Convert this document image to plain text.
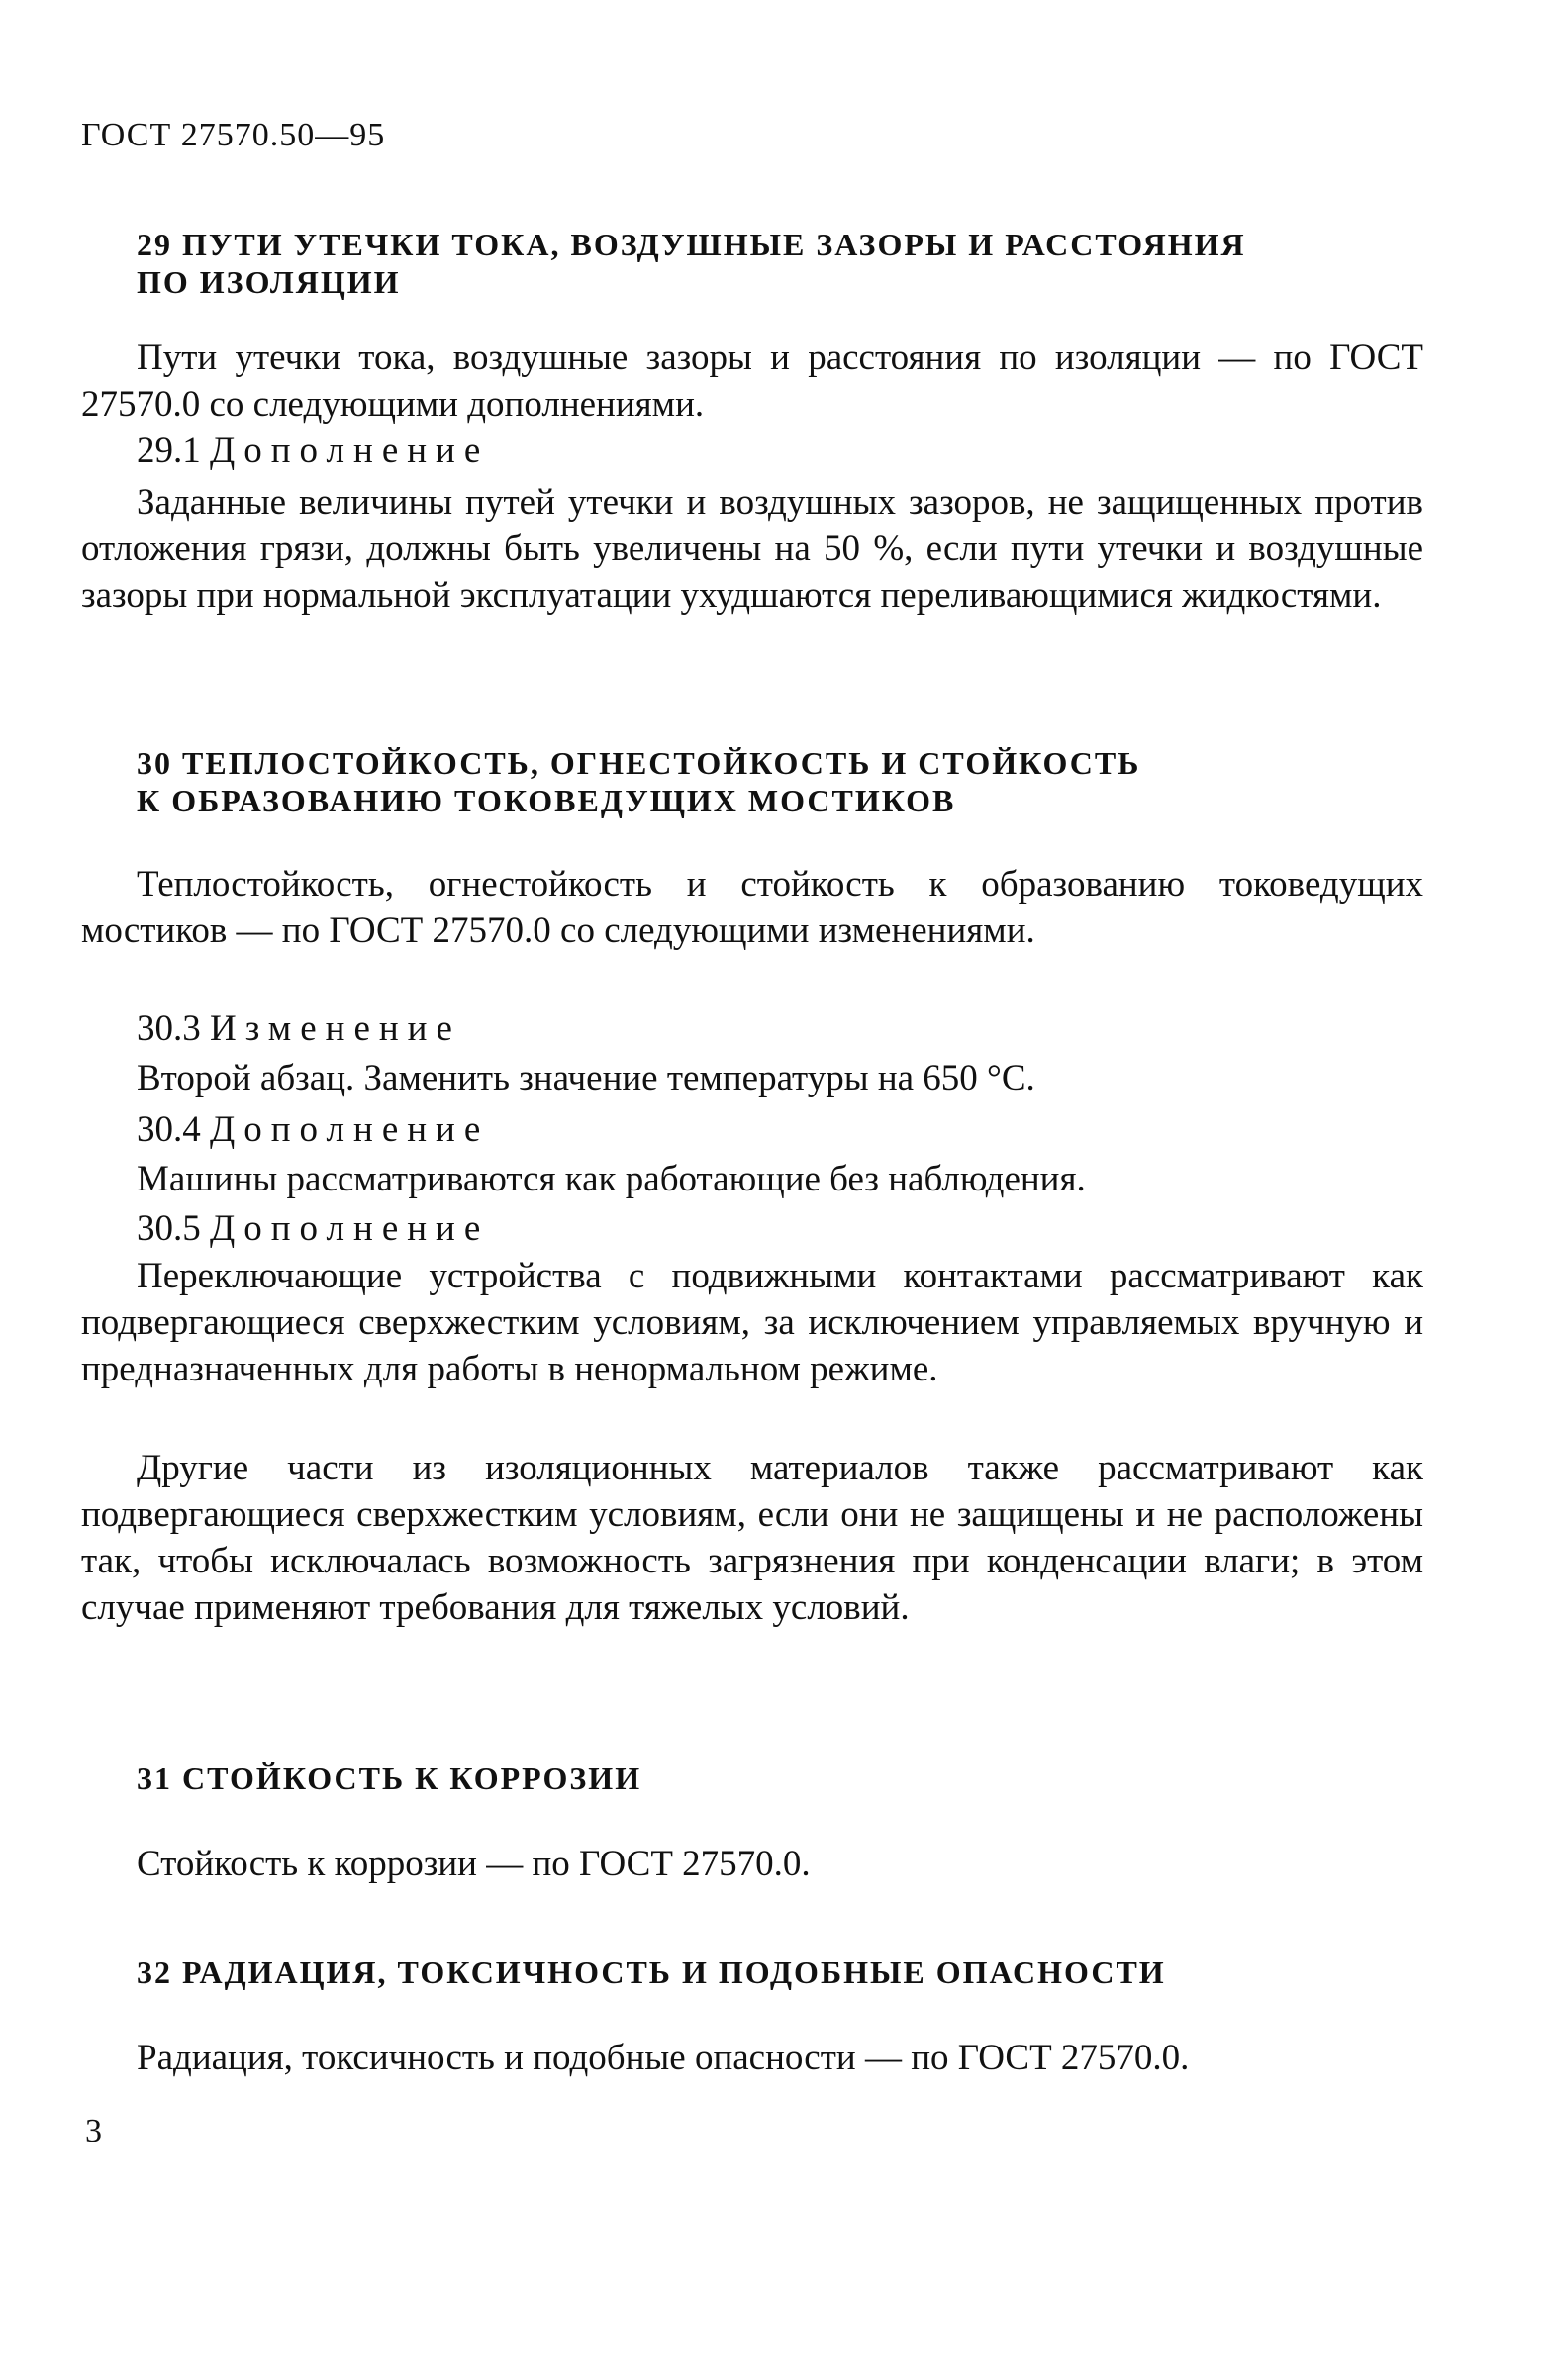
ГОСТ 27570.50—95
29 ПУТИ УТЕЧКИ ТОКА, ВОЗДУШНЫЕ ЗАЗОРЫ И РАССТОЯНИЯ
ПО ИЗОЛЯЦИИ
Пути утечки тока, воздушные зазоры и расстояния по изоляции — по ГОСТ 27570.0 со следующими дополнениями.
29.1 Дополнение
Заданные величины путей утечки и воздушных зазоров, не защищенных против отложения грязи, должны быть увеличены на 50 %, если пути утечки и воздушные зазоры при нормальной эксплуатации ухудшаются переливающимися жидкостями.
30 ТЕПЛОСТОЙКОСТЬ, ОГНЕСТОЙКОСТЬ И СТОЙКОСТЬ
К ОБРАЗОВАНИЮ ТОКОВЕДУЩИХ МОСТИКОВ
Теплостойкость, огнестойкость и стойкость к образованию токоведущих мостиков — по ГОСТ 27570.0 со следующими изменениями.
30.3 Изменение
Второй абзац. Заменить значение температуры на 650 °С.
30.4 Дополнение
Машины рассматриваются как работающие без наблюдения.
30.5 Дополнение
Переключающие устройства с подвижными контактами рассматривают как подвергающиеся сверхжестким условиям, за исключением управляемых вручную и предназначенных для работы в ненормальном режиме.
Другие части из изоляционных материалов также рассматривают как подвергающиеся сверхжестким условиям, если они не защищены и не расположены так, чтобы исключалась возможность загрязнения при конденсации влаги; в этом случае применяют требования для тяжелых условий.
31 СТОЙКОСТЬ К КОРРОЗИИ
Стойкость к коррозии — по ГОСТ 27570.0.
32 РАДИАЦИЯ, ТОКСИЧНОСТЬ И ПОДОБНЫЕ ОПАСНОСТИ
Радиация, токсичность и подобные опасности — по ГОСТ 27570.0.
3
